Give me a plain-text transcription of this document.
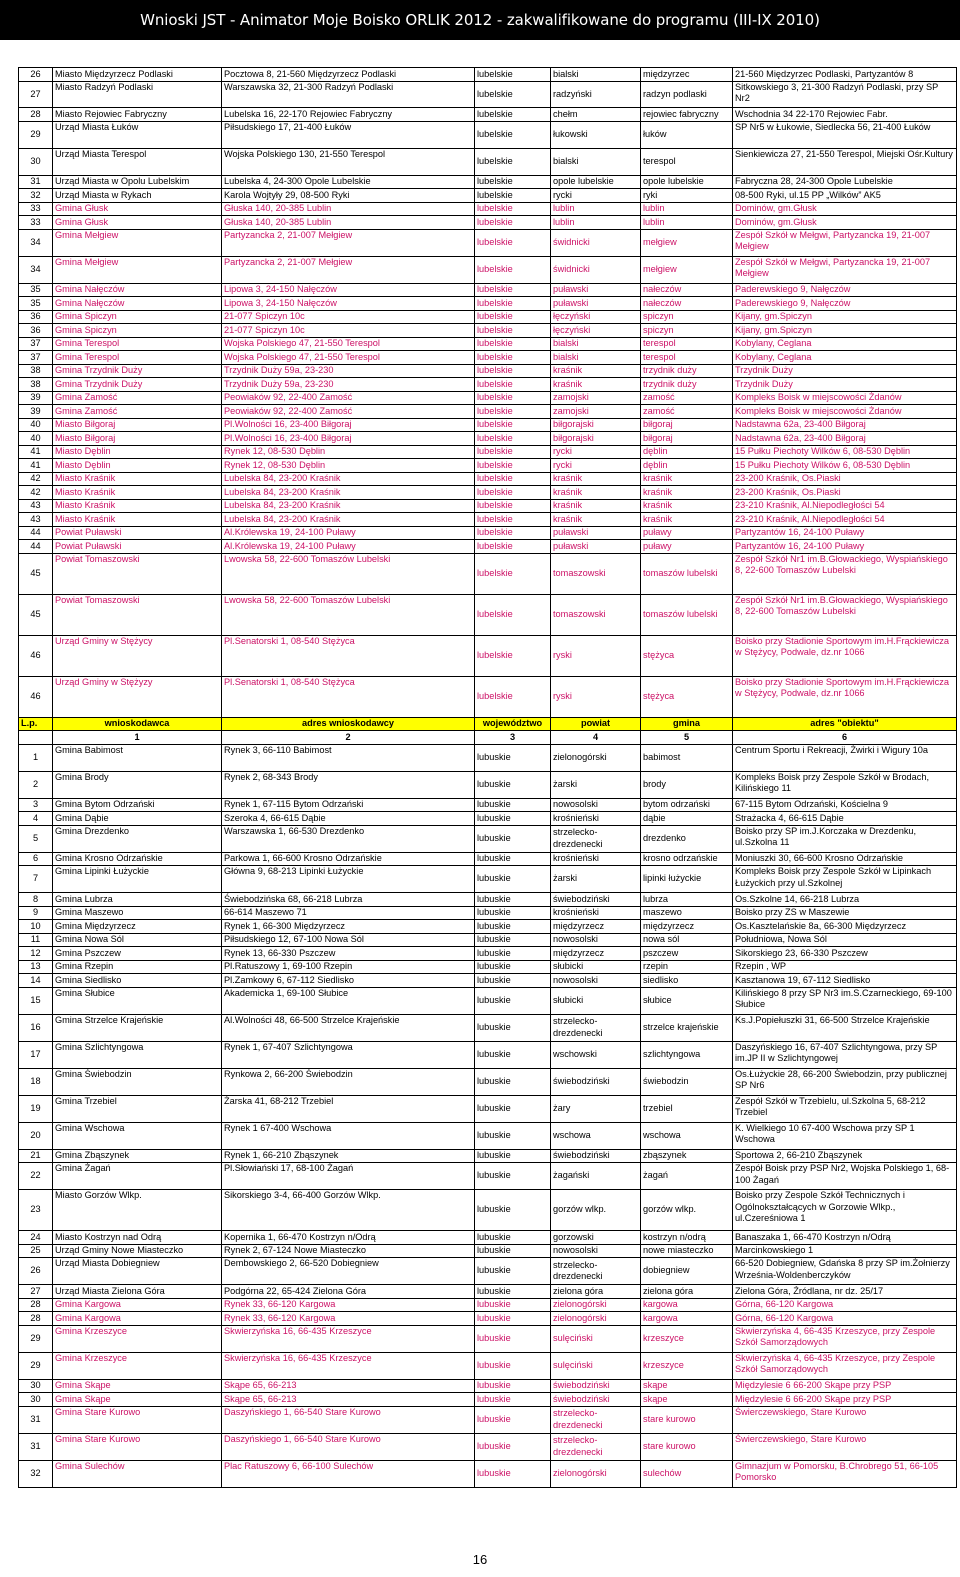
Wnioski JST - Animator Moje Boisko ORLIK 2012 - zakwalifikowane do programu (III-IX 2010)
26	Miasto Międzyrzecz Podlaski	Pocztowa 8, 21-560 Międzyrzecz Podlaski	lubelskie	bialski	międzyrzec	21-560 Międzyrzec Podlaski, Partyzantów 8
27	Miasto Radzyń Podlaski	Warszawska 32, 21-300 Radzyń Podlaski	lubelskie	radzyński	radzyn podlaski	Sitkowskiego 3, 21-300 Radzyń Podlaski, przy SP Nr2
28	Miasto Rejowiec Fabryczny	Lubelska 16, 22-170 Rejowiec Fabryczny	lubelskie	chełm	rejowiec fabryczny	Wschodnia 34 22-170 Rejowiec Fabr.
29	Urząd Miasta Łuków	Piłsudskiego 17, 21-400 Łuków	lubelskie	łukowski	łuków	SP Nr5 w Łukowie, Siedlecka 56, 21-400 Łuków
30	Urząd Miasta Terespol	Wojska Polskiego 130, 21-550 Terespol	lubelskie	bialski	terespol	Sienkiewicza 27, 21-550 Terespol, Miejski Ośr.Kultury
31	Urząd Miasta w Opolu Lubelskim	Lubelska 4, 24-300 Opole Lubelskie	lubelskie	opole lubelskie	opole lubelskie	Fabryczna 28, 24-300 Opole Lubelskie
32	Urząd Miasta w Rykach	Karola Wojtyły 29, 08-500 Ryki	lubelskie	rycki	ryki	08-500 Ryki, ul.15 PP „Wilków” AK5
33	Gmina Głusk	Głuska 140, 20-385 Lublin	lubelskie	lublin	lublin	Dominów, gm.Głusk
33	Gmina Głusk	Głuska 140, 20-385 Lublin	lubelskie	lublin	lublin	Dominów, gm.Głusk
34	Gmina Mełgiew	Partyzancka 2, 21-007 Mełgiew	lubelskie	świdnicki	mełgiew	Zespół Szkół w Mełgwi, Partyzancka 19, 21-007 Mełgiew
34	Gmina Mełgiew	Partyzancka 2, 21-007 Mełgiew	lubelskie	świdnicki	mełgiew	Zespół Szkół w Mełgwi, Partyzancka 19, 21-007 Mełgiew
35	Gmina Nałęczów	Lipowa 3, 24-150 Nałęczów	lubelskie	puławski	nałeczów	Paderewskiego 9, Nałęczów
35	Gmina Nałęczów	Lipowa 3, 24-150 Nałęczów	lubelskie	puławski	nałeczów	Paderewskiego 9, Nałęczów
36	Gmina Spiczyn	21-077 Spiczyn 10c	lubelskie	łęczyński	spiczyn	Kijany, gm.Spiczyn
36	Gmina Spiczyn	21-077 Spiczyn 10c	lubelskie	łęczyński	spiczyn	Kijany, gm.Spiczyn
37	Gmina Terespol	Wojska Polskiego 47, 21-550 Terespol	lubelskie	bialski	terespol	Kobylany, Ceglana
37	Gmina Terespol	Wojska Polskiego 47, 21-550 Terespol	lubelskie	bialski	terespol	Kobylany, Ceglana
38	Gmina Trzydnik Duży	Trzydnik Duży 59a, 23-230	lubelskie	kraśnik	trzydnik duży	Trzydnik Duży
38	Gmina Trzydnik Duży	Trzydnik Duży 59a, 23-230	lubelskie	kraśnik	trzydnik duży	Trzydnik Duży
39	Gmina Zamość	Peowiaków 92, 22-400 Zamość	lubelskie	zamojski	zamość	Kompleks Boisk w miejscowości Żdanów
39	Gmina Zamość	Peowiaków 92, 22-400 Zamość	lubelskie	zamojski	zamość	Kompleks Boisk w miejscowości Żdanów
40	Miasto Biłgoraj	Pl.Wolności 16, 23-400 Biłgoraj	lubelskie	biłgorajski	biłgoraj	Nadstawna 62a, 23-400 Biłgoraj
40	Miasto Biłgoraj	Pl.Wolności 16, 23-400 Biłgoraj	lubelskie	biłgorajski	biłgoraj	Nadstawna 62a, 23-400 Biłgoraj
41	Miasto Dęblin	Rynek 12, 08-530 Dęblin	lubelskie	rycki	dęblin	15 Pułku Piechoty Wilków 6, 08-530 Dęblin
41	Miasto Dęblin	Rynek 12, 08-530 Dęblin	lubelskie	rycki	dęblin	15 Pułku Piechoty Wilków 6, 08-530 Dęblin
42	Miasto Kraśnik	Lubelska 84, 23-200 Kraśnik	lubelskie	kraśnik	kraśnik	23-200 Kraśnik, Os.Piaski
42	Miasto Kraśnik	Lubelska 84, 23-200 Kraśnik	lubelskie	kraśnik	kraśnik	23-200 Kraśnik, Os.Piaski
43	Miasto Kraśnik	Lubelska 84, 23-200 Kraśnik	lubelskie	kraśnik	kraśnik	23-210 Kraśnik, Al.Niepodległości 54
43	Miasto Kraśnik	Lubelska 84, 23-200 Kraśnik	lubelskie	kraśnik	kraśnik	23-210 Kraśnik, Al.Niepodległości 54
44	Powiat Puławski	Al.Królewska 19, 24-100 Puławy	lubelskie	puławski	puławy	Partyzantów 16, 24-100 Puławy
44	Powiat Puławski	Al.Królewska 19, 24-100 Puławy	lubelskie	puławski	puławy	Partyzantów 16, 24-100 Puławy
45	Powiat Tomaszowski	Lwowska 58, 22-600 Tomaszów Lubelski	lubelskie	tomaszowski	tomaszów lubelski	Zespół Szkół Nr1 im.B.Głowackiego, Wyspiańskiego 8, 22-600 Tomaszów Lubelski
45	Powiat Tomaszowski	Lwowska 58, 22-600 Tomaszów Lubelski	lubelskie	tomaszowski	tomaszów lubelski	Zespół Szkół Nr1 im.B.Głowackiego, Wyspiańskiego 8, 22-600 Tomaszów Lubelski
46	Urząd Gminy w Stężycy	Pl.Senatorski 1, 08-540 Stężyca	lubelskie	ryski	stężyca	Boisko przy Stadionie Sportowym im.H.Frąckiewicza w Stężycy, Podwale, dz.nr 1066
46	Urząd Gminy w Stężyzy	Pl.Senatorski 1, 08-540 Stężyca	lubelskie	ryski	stężyca	Boisko przy Stadionie Sportowym im.H.Frąckiewicza w Stężycy, Podwale, dz.nr 1066
L.p.	wnioskodawca	adres wnioskodawcy	województwo	powiat	gmina	adres "obiektu"
	1	2	3	4	5	6
1	Gmina Babimost	Rynek 3, 66-110 Babimost	lubuskie	zielonogórski	babimost	Centrum Sportu i Rekreacji, Żwirki i Wigury 10a
2	Gmina Brody	Rynek 2, 68-343 Brody	lubuskie	żarski	brody	Kompleks Boisk przy Zespole Szkół w Brodach, Kilińskiego 11
3	Gmina Bytom Odrzański	Rynek 1, 67-115 Bytom Odrzański	lubuskie	nowosolski	bytom odrzański	67-115 Bytom Odrzański, Kościelna 9
4	Gmina Dąbie	Szeroka 4, 66-615 Dąbie	lubuskie	krośnieński	dąbie	Strażacka 4, 66-615 Dąbie
5	Gmina Drezdenko	Warszawska 1, 66-530 Drezdenko	lubuskie	strzelecko-drezdenecki	drezdenko	Boisko przy SP im.J.Korczaka w Drezdenku, ul.Szkolna 11
6	Gmina Krosno Odrzańskie	Parkowa 1, 66-600 Krosno Odrzańskie	lubuskie	krośnieński	krosno odrzańskie	Moniuszki 30, 66-600 Krosno Odrzańskie
7	Gmina Lipinki Łużyckie	Główna 9, 68-213 Lipinki Łużyckie	lubuskie	żarski	lipinki łużyckie	Kompleks Boisk przy Zespole Szkół w Lipinkach Łużyckich przy ul.Szkolnej
8	Gmina Lubrza	Świebodzińska 68, 66-218 Lubrza	lubuskie	świebodziński	lubrza	Os.Szkolne 14, 66-218 Lubrza
9	Gmina Maszewo	66-614 Maszewo 71	lubuskie	krośnieński	maszewo	Boisko przy ZS w Maszewie
10	Gmina Międzyrzecz	Rynek 1, 66-300 Międzyrzecz	lubuskie	międzyrzecz	międzyrzecz	Os.Kasztelańskie 8a, 66-300 Międzyrzecz
11	Gmina Nowa Sól	Piłsudskiego 12, 67-100 Nowa Sól	lubuskie	nowosolski	nowa sól	Południowa, Nowa Sól
12	Gmina Pszczew	Rynek 13, 66-330 Pszczew	lubuskie	międzyrzecz	pszczew	Sikorskiego 23, 66-330 Pszczew
13	Gmina Rzepin	Pl.Ratuszowy 1, 69-100 Rzepin	lubuskie	słubicki	rzepin	Rzepin , WP
14	Gmina Siedlisko	Pl.Zamkowy 6, 67-112 Siedlisko	lubuskie	nowosolski	siedlisko	Kasztanowa 19, 67-112 Siedlisko
15	Gmina Słubice	Akademicka 1, 69-100 Słubice	lubuskie	słubicki	słubice	Kilińskiego 8 przy SP Nr3 im.S.Czarneckiego, 69-100 Słubice
16	Gmina Strzelce Krajeńskie	Al.Wolności 48, 66-500 Strzelce Krajeńskie	lubuskie	strzelecko-drezdenecki	strzelce krajeńskie	Ks.J.Popiełuszki 31, 66-500 Strzelce Krajeńskie
17	Gmina Szlichtyngowa	Rynek 1, 67-407 Szlichtyngowa	lubuskie	wschowski	szlichtyngowa	Daszyńskiego 16, 67-407 Szlichtyngowa, przy SP im.JP II w Szlichtyngowej
18	Gmina Świebodzin	Rynkowa 2, 66-200 Świebodzin	lubuskie	świebodziński	świebodzin	Os.Łużyckie 28, 66-200 Świebodzin, przy publicznej SP Nr6
19	Gmina Trzebiel	Żarska 41, 68-212 Trzebiel	lubuskie	żary	trzebiel	Zespół Szkół w Trzebielu, ul.Szkolna 5, 68-212 Trzebiel
20	Gmina Wschowa	Rynek 1 67-400 Wschowa	lubuskie	wschowa	wschowa	K. Wielkiego 10 67-400 Wschowa przy SP 1 Wschowa
21	Gmina Zbąszynek	Rynek 1, 66-210 Zbąszynek	lubuskie	świebodziński	zbąszynek	Sportowa 2, 66-210 Zbąszynek
22	Gmina Żagań	Pl.Słowiański 17, 68-100 Żagań	lubuskie	żagański	żagań	Zespół Boisk przy PSP Nr2, Wojska Polskiego 1, 68-100 Żagań
23	Miasto Gorzów Wlkp.	Sikorskiego 3-4, 66-400 Gorzów Wlkp.	lubuskie	gorzów wlkp.	gorzów wlkp.	Boisko przy Zespole Szkół Technicznych i Ogólnokształcących w Gorzowie Wlkp., ul.Czereśniowa 1
24	Miasto Kostrzyn nad Odrą	Kopernika 1, 66-470 Kostrzyn n/Odrą	lubuskie	gorzowski	kostrzyn n/odrą	Banaszaka 1, 66-470 Kostrzyn n/Odrą
25	Urząd Gminy Nowe Miasteczko	Rynek 2, 67-124 Nowe Miasteczko	lubuskie	nowosolski	nowe miasteczko	Marcinkowskiego 1
26	Urząd Miasta Dobiegniew	Dembowskiego 2, 66-520 Dobiegniew	lubuskie	strzelecko-drezdenecki	dobiegniew	66-520 Dobiegniew, Gdańska 8 przy SP im.Żołnierzy Września-Woldenberczyków
27	Urząd Miasta Zielona Góra	Podgórna 22, 65-424 Zielona Góra	lubuskie	zielona góra	zielona góra	Zielona Góra, Źródlana, nr dz. 25/17
28	Gmina Kargowa	Rynek 33, 66-120 Kargowa	lubuskie	zielonogórski	kargowa	Górna, 66-120 Kargowa
28	Gmina Kargowa	Rynek 33, 66-120 Kargowa	lubuskie	zielonogórski	kargowa	Górna, 66-120 Kargowa
29	Gmina Krzeszyce	Skwierzyńska 16, 66-435 Krzeszyce	lubuskie	sulęciński	krzeszyce	Skwierzyńska 4, 66-435 Krzeszyce, przy Zespole Szkół Samorządowych
29	Gmina Krzeszyce	Skwierzyńska 16, 66-435 Krzeszyce	lubuskie	sulęciński	krzeszyce	Skwierzyńska 4, 66-435 Krzeszyce, przy Zespole Szkół Samorządowych
30	Gmina Skąpe	Skąpe 65, 66-213	lubuskie	świebodziński	skąpe	Międzylesie 6 66-200 Skąpe przy PSP
30	Gmina Skąpe	Skąpe 65, 66-213	lubuskie	świebodziński	skąpe	Międzylesie 6 66-200 Skąpe przy PSP
31	Gmina Stare Kurowo	Daszyńskiego 1, 66-540 Stare Kurowo	lubuskie	strzelecko-drezdenecki	stare kurowo	Świerczewskiego, Stare Kurowo
31	Gmina Stare Kurowo	Daszyńskiego 1, 66-540 Stare Kurowo	lubuskie	strzelecko-drezdenecki	stare kurowo	Świerczewskiego, Stare Kurowo
32	Gmina Sulechów	Plac Ratuszowy 6, 66-100 Sulechów	lubuskie	zielonogórski	sulechów	Gimnazjum w Pomorsku, B.Chrobrego 51, 66-105 Pomorsko
16
